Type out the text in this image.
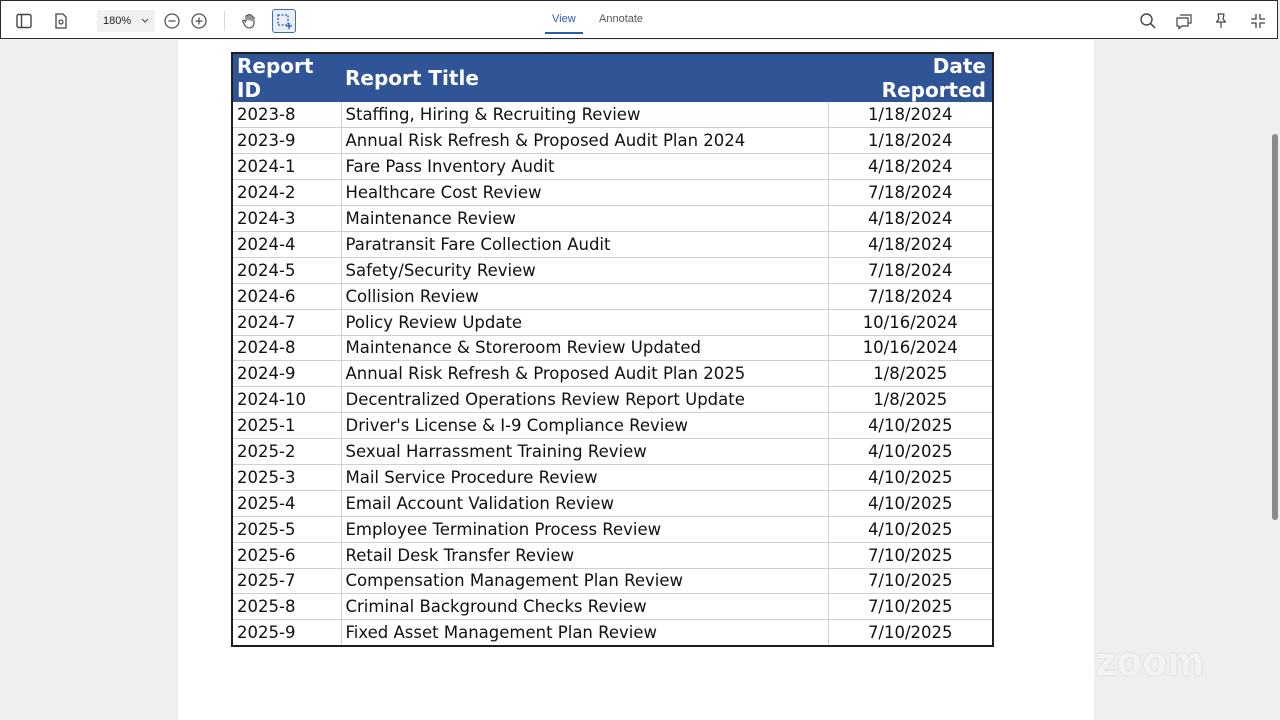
180 %	View Annotate
Report ID	Report Title	Date Reported
2023-8	Staffing, Hiring & Recruiting Review	1/18/2024
2023-9	Annual Risk Refresh & Proposed Audit Plan 2024	1/18/2024
2024-1	Fare Pass Inventory Audit	4/18/2024
2024-2	Healthcare Cost Review	7/18/2024
2024-3	Maintenance Review	4/18/2024
2024-4	Paratransit Fare Collection Audit	4/18/2024
2024-5	Safety/Security Review	7/18/2024
2024-6	Collision Review	7/18/2024
2024-7	Policy Review Update	10/16/2024
2024-8	Maintenance & Storeroom Review Updated	10/16/2024
2024-9	Annual Risk Refresh & Proposed Audit Plan 2025	1/8/2025
2024-10	Decentralized Operations Review Report Update	1/8/2025
2025-1	Driver's License & I-9 Compliance Review	4/10/2025
2025-2	Sexual Harrassment Training Review	4/10/2025
2025-3	Mail Service Procedure Review	4/10/2025
2025-4	Email Account Validation Review	4/10/2025
2025-5	Employee Termination Process Review	4/10/2025
2025-6	Retail Desk Transfer Review	7/10/2025
2025-7	Compensation Management Plan Review	7/10/2025
2025-8	Criminal Background Checks Review	7/10/2025
2025-9	Fixed Asset Management Plan Review	7/10/2025
zoom
